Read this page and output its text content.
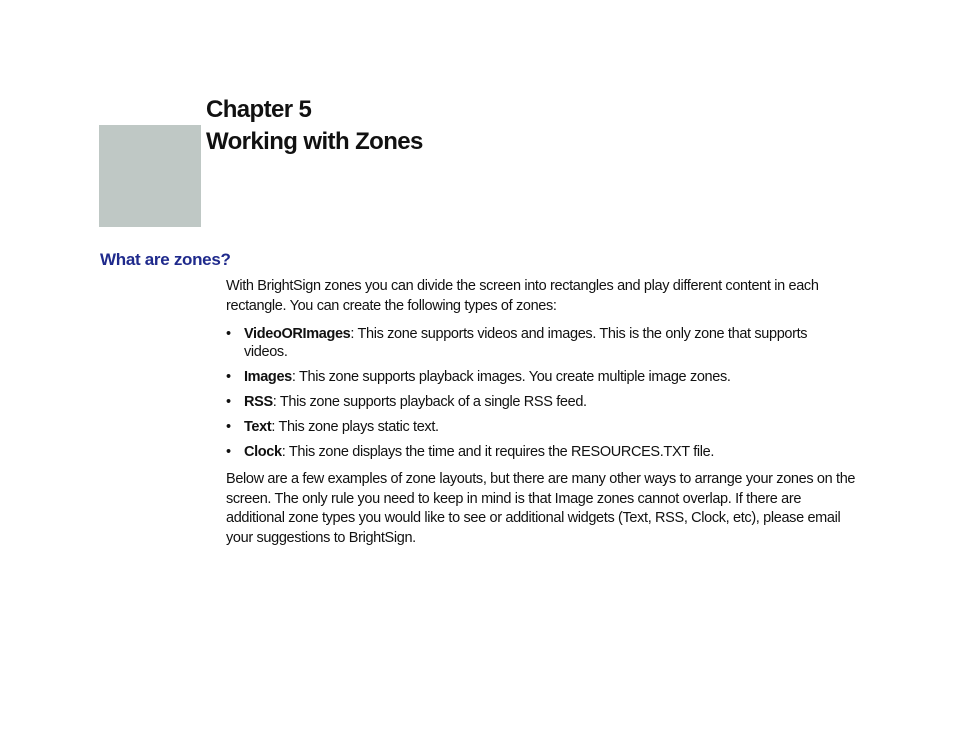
Chapter 5
Working with Zones
What are zones?

With BrightSign zones you can divide the screen into rectangles and play different content in each rectangle. You can create the following types of zones:

• VideoORImages: This zone supports videos and images. This is the only zone that supports videos.
• Images: This zone supports playback images. You create multiple image zones.
• RSS: This zone supports playback of a single RSS feed.
• Text: This zone plays static text.
• Clock: This zone displays the time and it requires the RESOURCES.TXT file.

Below are a few examples of zone layouts, but there are many other ways to arrange your zones on the screen. The only rule you need to keep in mind is that Image zones cannot overlap. If there are additional zone types you would like to see or additional widgets (Text, RSS, Clock, etc), please email your suggestions to BrightSign.
